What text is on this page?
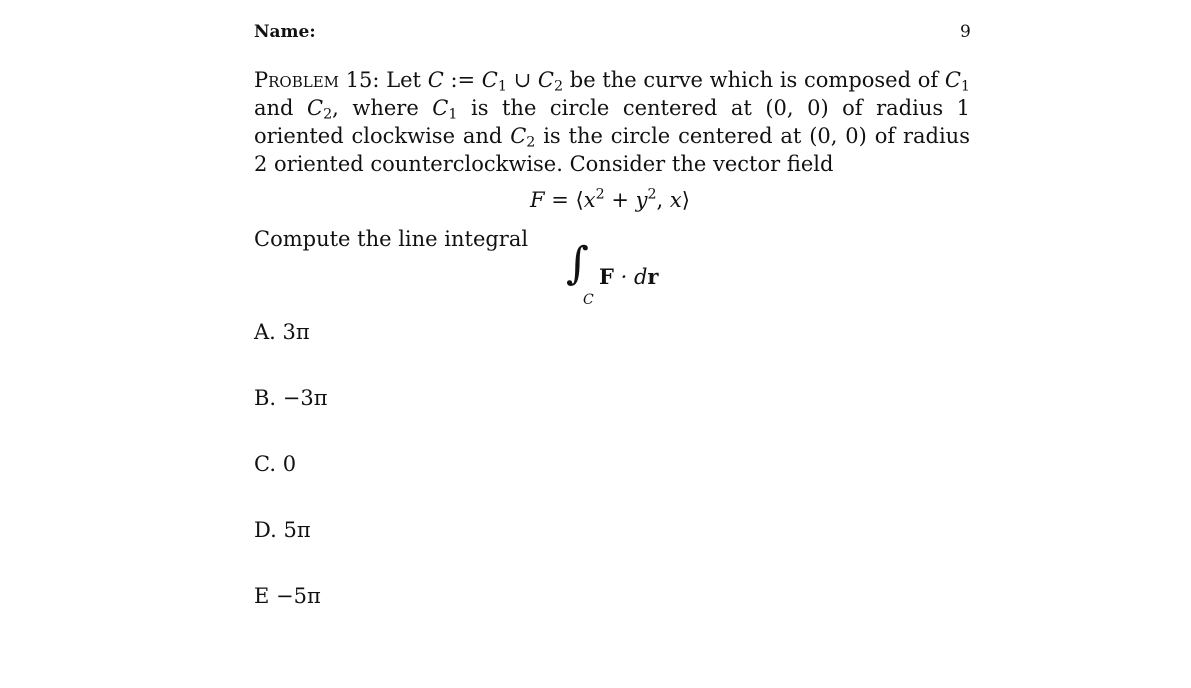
Name:	9
Problem 15: Let C := $C_1$ ∪ $C_2$ be the curve which is composed of $C_1$ and $C_2$, where $C_1$ is the circle centered at (0, 0) of radius 1 oriented clockwise and $C_2$ is the circle centered at (0, 0) of radius 2 oriented counterclockwise. Consider the vector field
$F = ⟨x^2 + y^2$, x⟩
Compute the line integral ∫
C
F · dr
A. 3π
B. −3π
C. 0
D. 5π
E −5π
